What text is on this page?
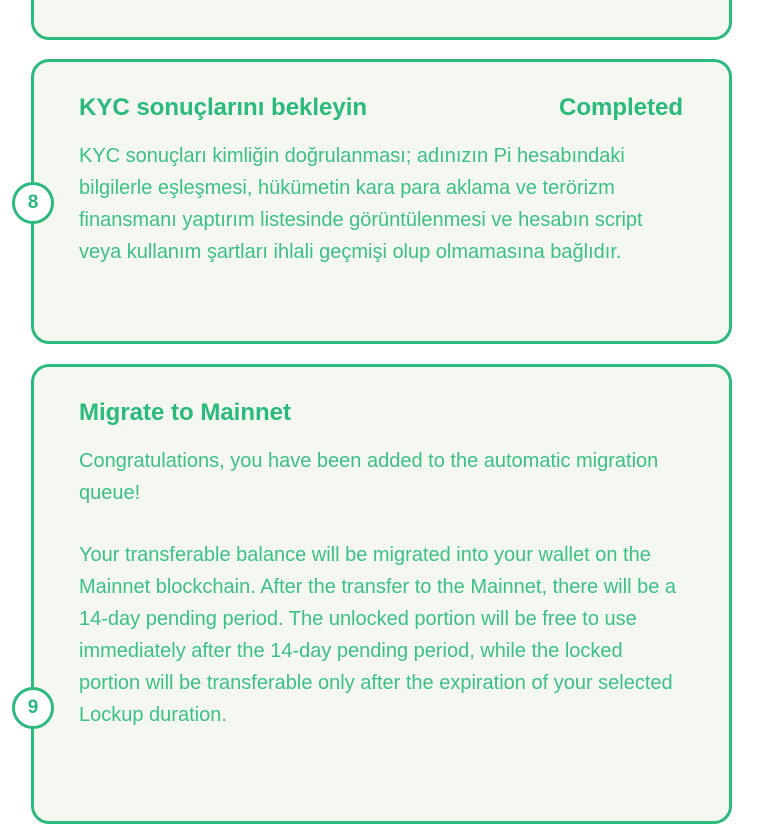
KYC sonuçlarını bekleyin	Completed
KYC sonuçları kimliğin doğrulanması; adınızın Pi hesabındaki bilgilerle eşleşmesi, hükümetin kara para aklama ve terörizm finansmanı yaptırım listesinde görüntülenmesi ve hesabın script veya kullanım şartları ihlali geçmişi olup olmamasına bağlıdır.
8
Migrate to Mainnet

Congratulations, you have been added to the automatic migration queue!

Your transferable balance will be migrated into your wallet on the Mainnet blockchain. After the transfer to the Mainnet, there will be a 14-day pending period. The unlocked portion will be free to use immediately after the 14-day pending period, while the locked portion will be transferable only after the expiration of your selected Lockup duration.

9
